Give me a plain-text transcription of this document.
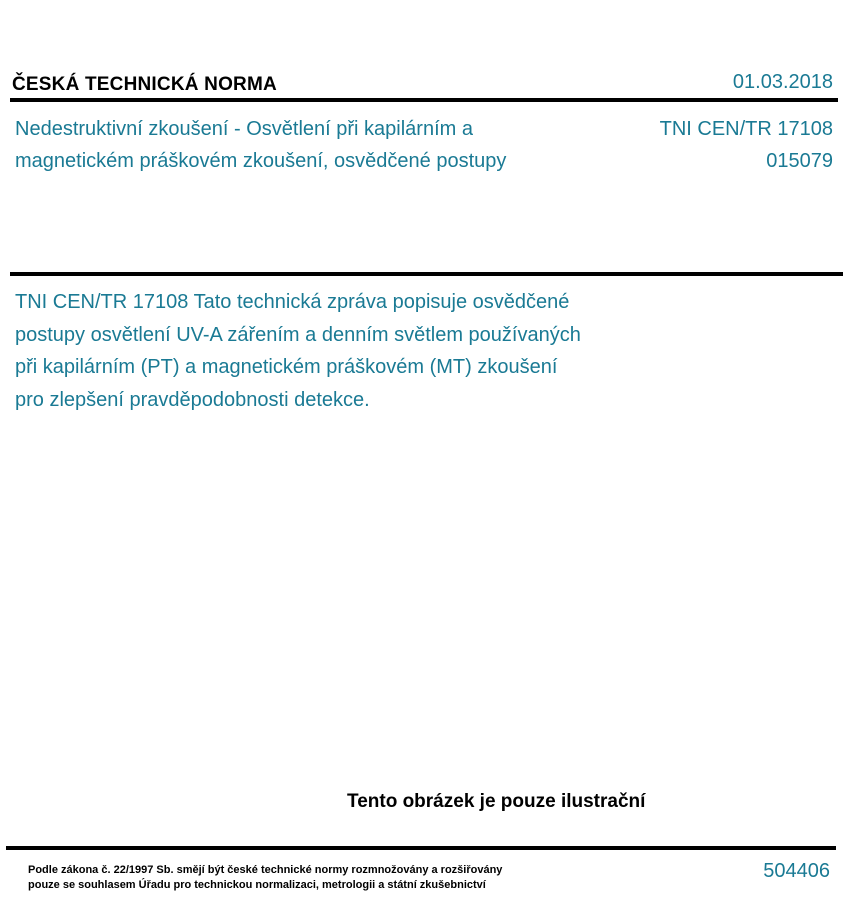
ČESKÁ TECHNICKÁ NORMA	01.03.2018
Nedestruktivní zkoušení - Osvětlení při kapilárním a
magnetickém práškovém zkoušení, osvědčené postupy
TNI CEN/TR 17108
015079
TNI CEN/TR 17108 Tato technická zpráva popisuje osvědčené
postupy osvětlení UV-A zářením a denním světlem používaných
při kapilárním (PT) a magnetickém práškovém (MT) zkoušení
pro zlepšení pravděpodobnosti detekce.
Tento obrázek je pouze ilustrační
Podle zákona č. 22/1997 Sb. smějí být české technické normy rozmnožovány a rozšiřovány
pouze se souhlasem Úřadu pro technickou normalizaci, metrologii a státní zkušebnictví
504406
